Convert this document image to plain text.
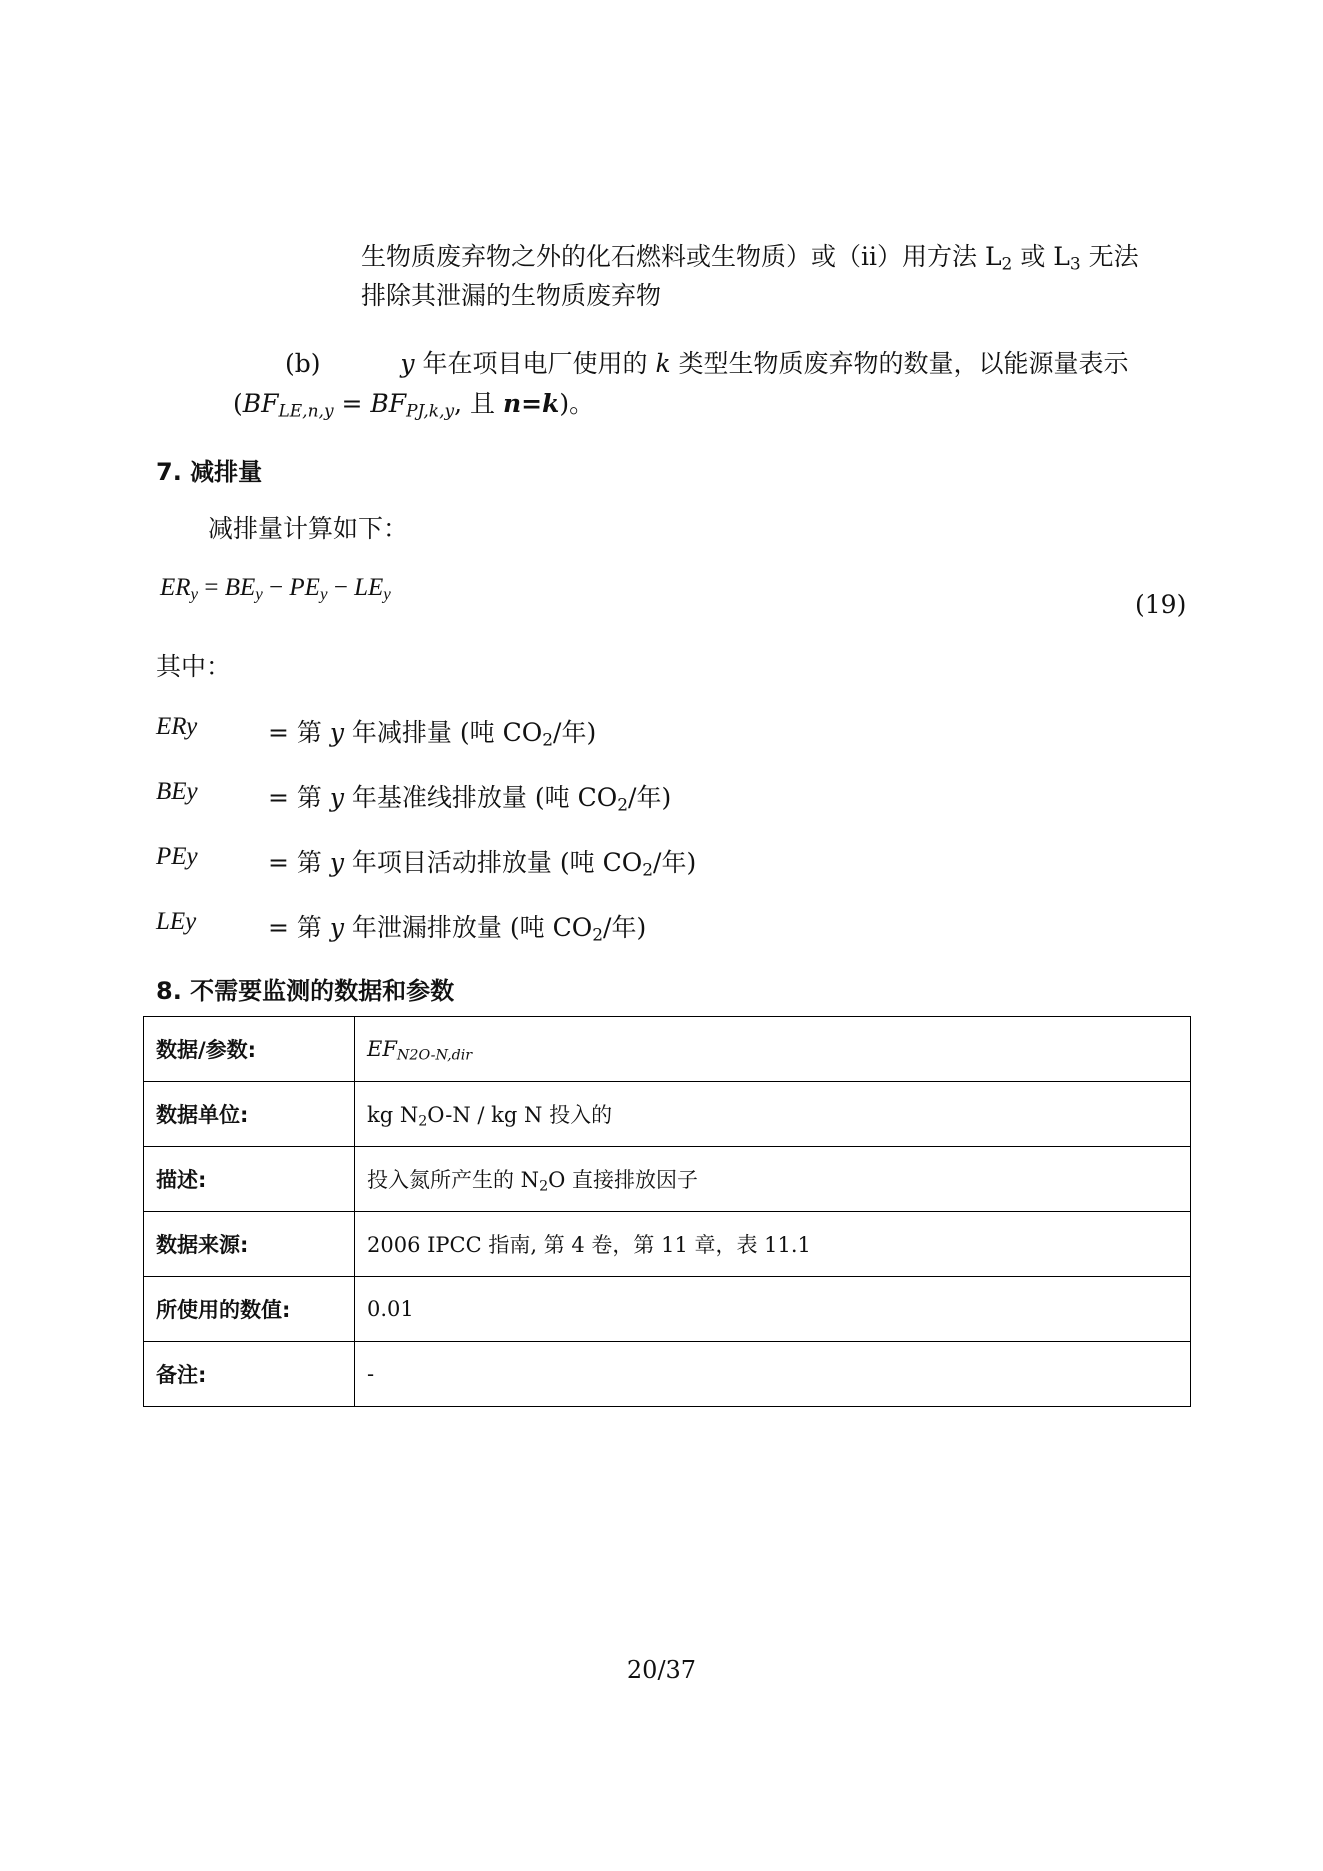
生物质废弃物之外的化石燃料或生物质）或（ii）用方法 $L_2$ 或 $L_3$ 无法
排除其泄漏的生物质废弃物
(b)	y 年在项目电厂使用的 k 类型生物质废弃物的数量，以能源量表示
($BF_{LE,n,y} = BF_{PJ,k,y}$, 且 n=k)。
7. 减排量
减排量计算如下：
$ER_y = BE_y - PE_y - LE_y$	(19)
其中：
ERy	= 第 y 年减排量 (吨 $CO_2/$年)
BEy	= 第 y 年基准线排放量 (吨 $CO_2/$年)
PEy	= 第 y 年项目活动排放量 (吨 $CO_2/$年)
LEy	= 第 y 年泄漏排放量 (吨 $CO_2/$年)
8. 不需要监测的数据和参数
数据/参数:	$EF_{N2O-N,dir}$
数据单位:	kg $N_2O-N$ / kg N 投入的
描述:	投入氮所产生的 $N_2O$ 直接排放因子
数据来源:	2006 IPCC 指南, 第 4 卷，第 11 章，表 11.1
所使用的数值:	0.01
备注:	-
20/37
